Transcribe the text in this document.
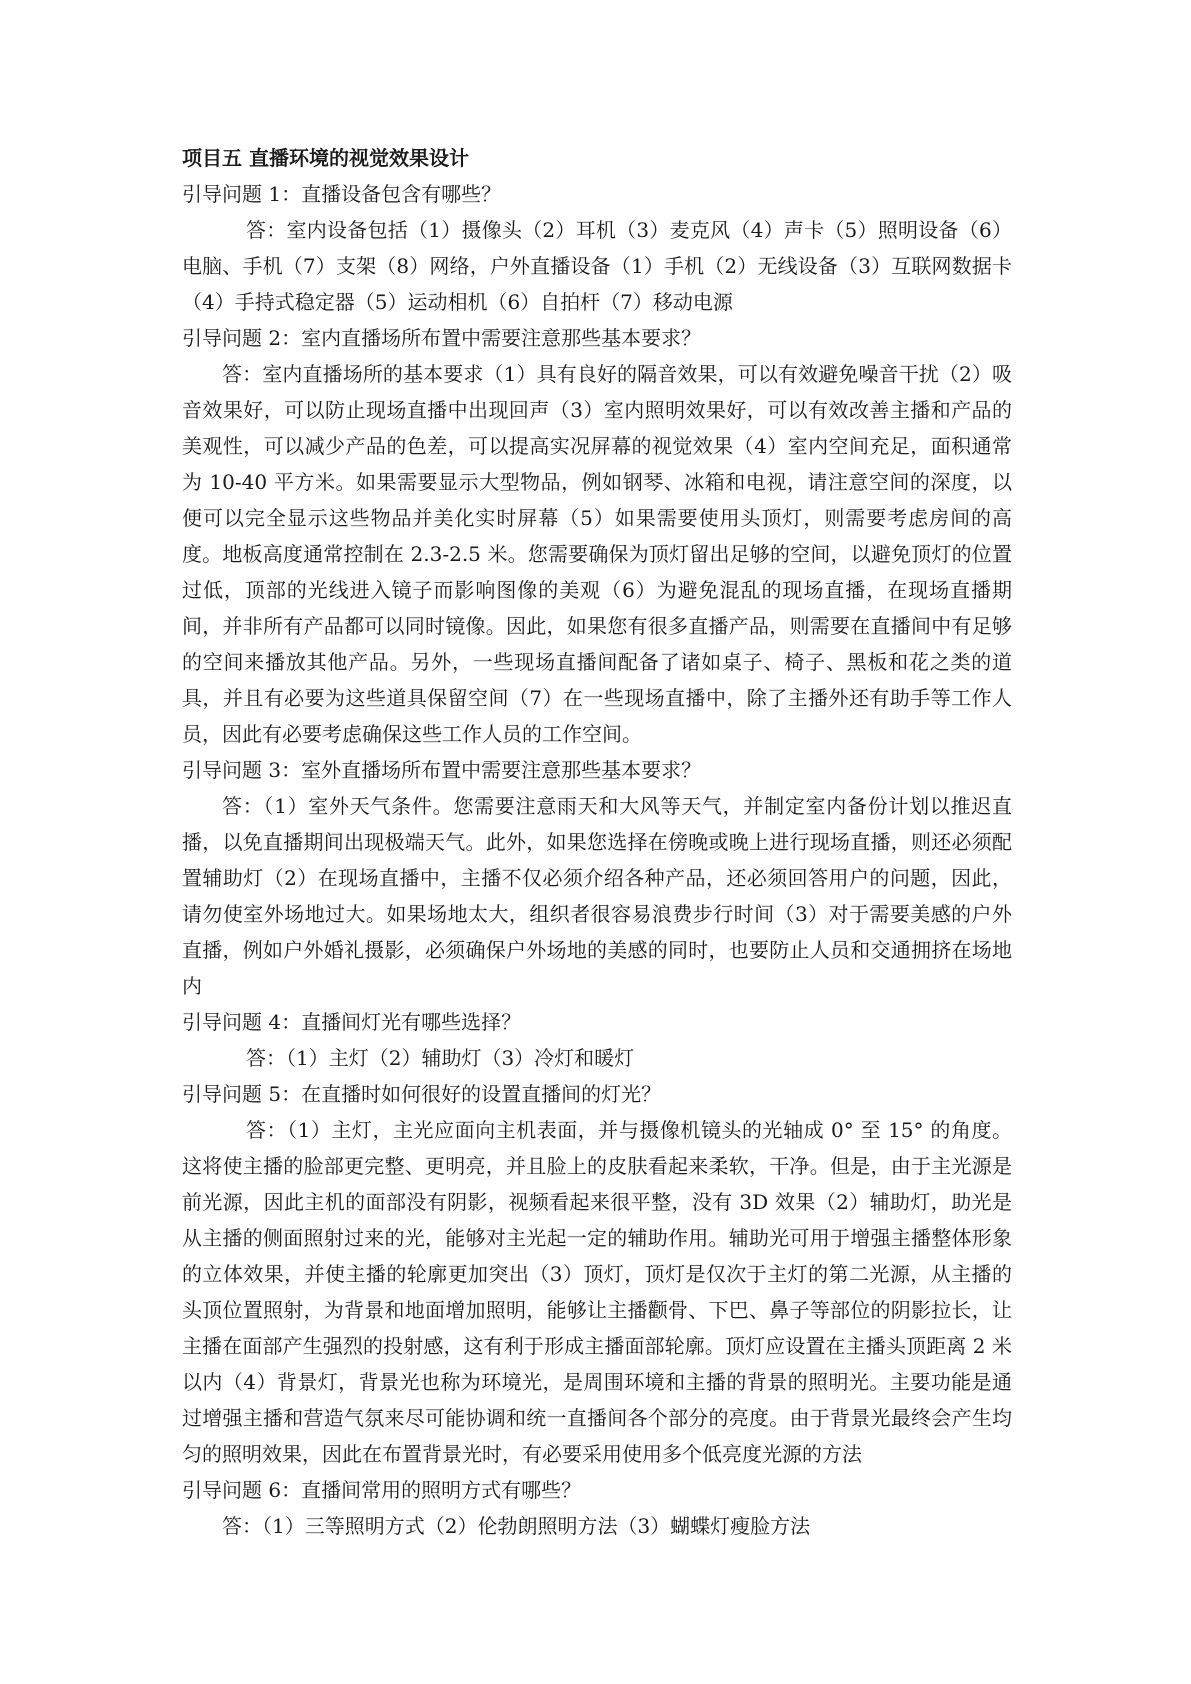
项目五 直播环境的视觉效果设计

引导问题 1：直播设备包含有哪些？

答：室内设备包括（1）摄像头（2）耳机（3）麦克风（4）声卡（5）照明设备（6）电脑、手机（7）支架（8）网络，户外直播设备（1）手机（2）无线设备（3）互联网数据卡（4）手持式稳定器（5）运动相机（6）自拍杆（7）移动电源

引导问题 2：室内直播场所布置中需要注意那些基本要求？

答：室内直播场所的基本要求（1）具有良好的隔音效果，可以有效避免噪音干扰（2）吸音效果好，可以防止现场直播中出现回声（3）室内照明效果好，可以有效改善主播和产品的美观性，可以减少产品的色差，可以提高实况屏幕的视觉效果（4）室内空间充足，面积通常为 10-40 平方米。如果需要显示大型物品，例如钢琴、冰箱和电视，请注意空间的深度，以便可以完全显示这些物品并美化实时屏幕（5）如果需要使用头顶灯，则需要考虑房间的高度。地板高度通常控制在 2.3-2.5 米。您需要确保为顶灯留出足够的空间，以避免顶灯的位置过低，顶部的光线进入镜子而影响图像的美观（6）为避免混乱的现场直播，在现场直播期间，并非所有产品都可以同时镜像。因此，如果您有很多直播产品，则需要在直播间中有足够的空间来播放其他产品。另外，一些现场直播间配备了诸如桌子、椅子、黑板和花之类的道具，并且有必要为这些道具保留空间（7）在一些现场直播中，除了主播外还有助手等工作人员，因此有必要考虑确保这些工作人员的工作空间。

引导问题 3：室外直播场所布置中需要注意那些基本要求？

答：（1）室外天气条件。您需要注意雨天和大风等天气，并制定室内备份计划以推迟直播，以免直播期间出现极端天气。此外，如果您选择在傍晚或晚上进行现场直播，则还必须配置辅助灯（2）在现场直播中，主播不仅必须介绍各种产品，还必须回答用户的问题，因此，请勿使室外场地过大。如果场地太大，组织者很容易浪费步行时间（3）对于需要美感的户外直播，例如户外婚礼摄影，必须确保户外场地的美感的同时，也要防止人员和交通拥挤在场地内

引导问题 4：直播间灯光有哪些选择？

答：（1）主灯（2）辅助灯（3）冷灯和暖灯

引导问题 5：在直播时如何很好的设置直播间的灯光？

答：（1）主灯，主光应面向主机表面，并与摄像机镜头的光轴成 0° 至 15° 的角度。这将使主播的脸部更完整、更明亮，并且脸上的皮肤看起来柔软，干净。但是，由于主光源是前光源，因此主机的面部没有阴影，视频看起来很平整，没有 3D 效果（2）辅助灯，助光是从主播的侧面照射过来的光，能够对主光起一定的辅助作用。辅助光可用于增强主播整体形象的立体效果，并使主播的轮廓更加突出（3）顶灯，顶灯是仅次于主灯的第二光源，从主播的头顶位置照射，为背景和地面增加照明，能够让主播颧骨、下巴、鼻子等部位的阴影拉长，让主播在面部产生强烈的投射感，这有利于形成主播面部轮廓。顶灯应设置在主播头顶距离 2 米以内（4）背景灯，背景光也称为环境光，是周围环境和主播的背景的照明光。主要功能是通过增强主播和营造气氛来尽可能协调和统一直播间各个部分的亮度。由于背景光最终会产生均匀的照明效果，因此在布置背景光时，有必要采用使用多个低亮度光源的方法

引导问题 6：直播间常用的照明方式有哪些？

答：（1）三等照明方式（2）伦勃朗照明方法（3）蝴蝶灯瘦脸方法
